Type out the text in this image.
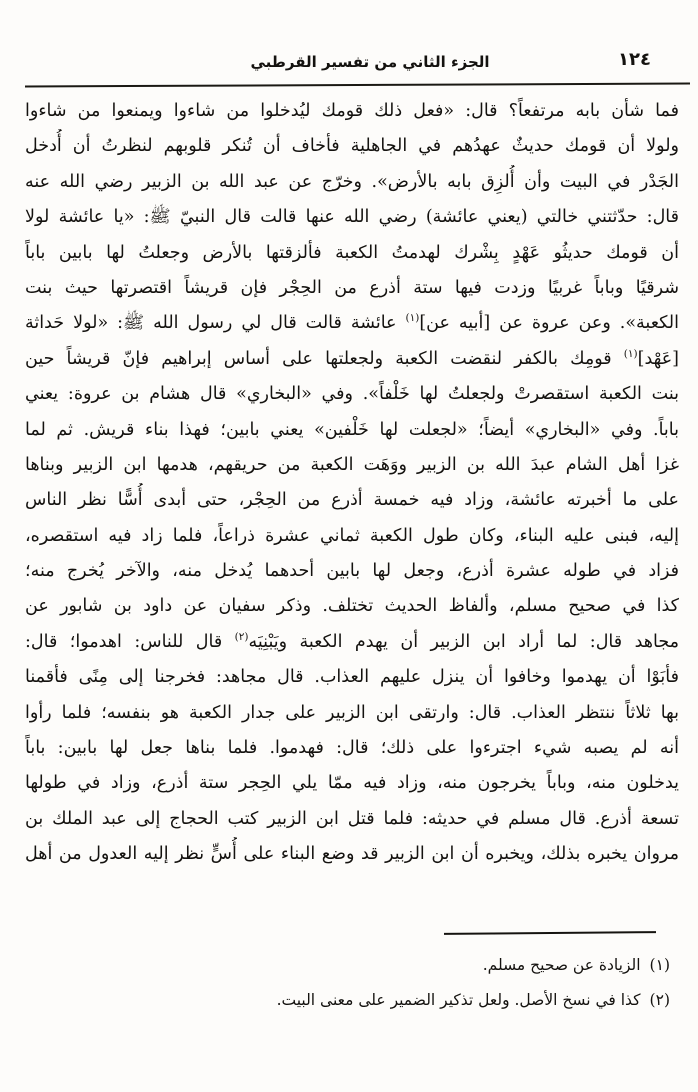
١٢٤
الجزء الثاني من تفسير القرطبي
فما شأن بابه مرتفعاً؟ قال: «فعل ذلك قومك ليُدخلوا من شاءوا ويمنعوا من شاءوا
ولولا أن قومك حديثٌ عهدُهم في الجاهلية فأخاف أن تُنكر قلوبهم لنظرتُ أن أُدخل
الجَدْر في البيت وأن أُلزِق بابه بالأرض». وخرّج عن عبد الله بن الزبير رضي الله عنه
قال: حدّثتني خالتي (يعني عائشة) رضي الله عنها قالت قال النبيّ ﷺ: «يا عائشة لولا
أن قومك حديثُو عَهْدٍ بِشْرك لهدمتُ الكعبة فألزقتها بالأرض وجعلتُ لها بابين باباً
شرقيًا وباباً غربيًا وزدت فيها ستة أذرع من الحِجْر فإن قريشاً اقتصرتها حيث بنت
الكعبة». وعن عروة عن [أبيه عن]$^{(١)}$ عائشة قالت قال لي رسول الله ﷺ: «لولا حَداثة
[عَهْد]$^{(١)}$ قومِك بالكفر لنقضت الكعبة ولجعلتها على أساس إبراهيم فإنّ قريشاً حين
بنت الكعبة استقصرتْ ولجعلتُ لها خَلْفاً». وفي «البخاري» قال هشام بن عروة: يعني
باباً. وفي «البخاري» أيضاً؛ «لجعلت لها خَلْفين» يعني بابين؛ فهذا بناء قريش. ثم لما
غزا أهل الشام عبدَ الله بن الزبير ووَهَت الكعبة من حريقهم، هدمها ابن الزبير وبناها
على ما أخبرته عائشة، وزاد فيه خمسة أذرع من الحِجْر، حتى أبدى أُسًّا نظر الناس
إليه، فبنى عليه البناء، وكان طول الكعبة ثماني عشرة ذراعاً، فلما زاد فيه استقصره،
فزاد في طوله عشرة أذرع، وجعل لها بابين أحدهما يُدخل منه، والآخر يُخرج منه؛
كذا في صحيح مسلم، وألفاظ الحديث تختلف. وذكر سفيان عن داود بن شابور عن
مجاهد قال: لما أراد ابن الزبير أن يهدم الكعبة ويَبْنِيَه$^{(٢)}$ قال للناس: اهدموا؛ قال:
فأبَوْا أن يهدموا وخافوا أن ينزل عليهم العذاب. قال مجاهد: فخرجنا إلى مِنًى فأقمنا
بها ثلاثاً ننتظر العذاب. قال: وارتقى ابن الزبير على جدار الكعبة هو بنفسه؛ فلما رأوا
أنه لم يصبه شيء اجترءوا على ذلك؛ قال: فهدموا. فلما بناها جعل لها بابين: باباً
يدخلون منه، وباباً يخرجون منه، وزاد فيه ممّا يلي الحِجر ستة أذرع، وزاد في طولها
تسعة أذرع. قال مسلم في حديثه: فلما قتل ابن الزبير كتب الحجاج إلى عبد الملك بن
مروان يخبره بذلك، ويخبره أن ابن الزبير قد وضع البناء على أُسٍّ نظر إليه العدول من أهل
(١)الزيادة عن صحيح مسلم.
(٢)كذا في نسخ الأصل. ولعل تذكير الضمير على معنى البيت.
